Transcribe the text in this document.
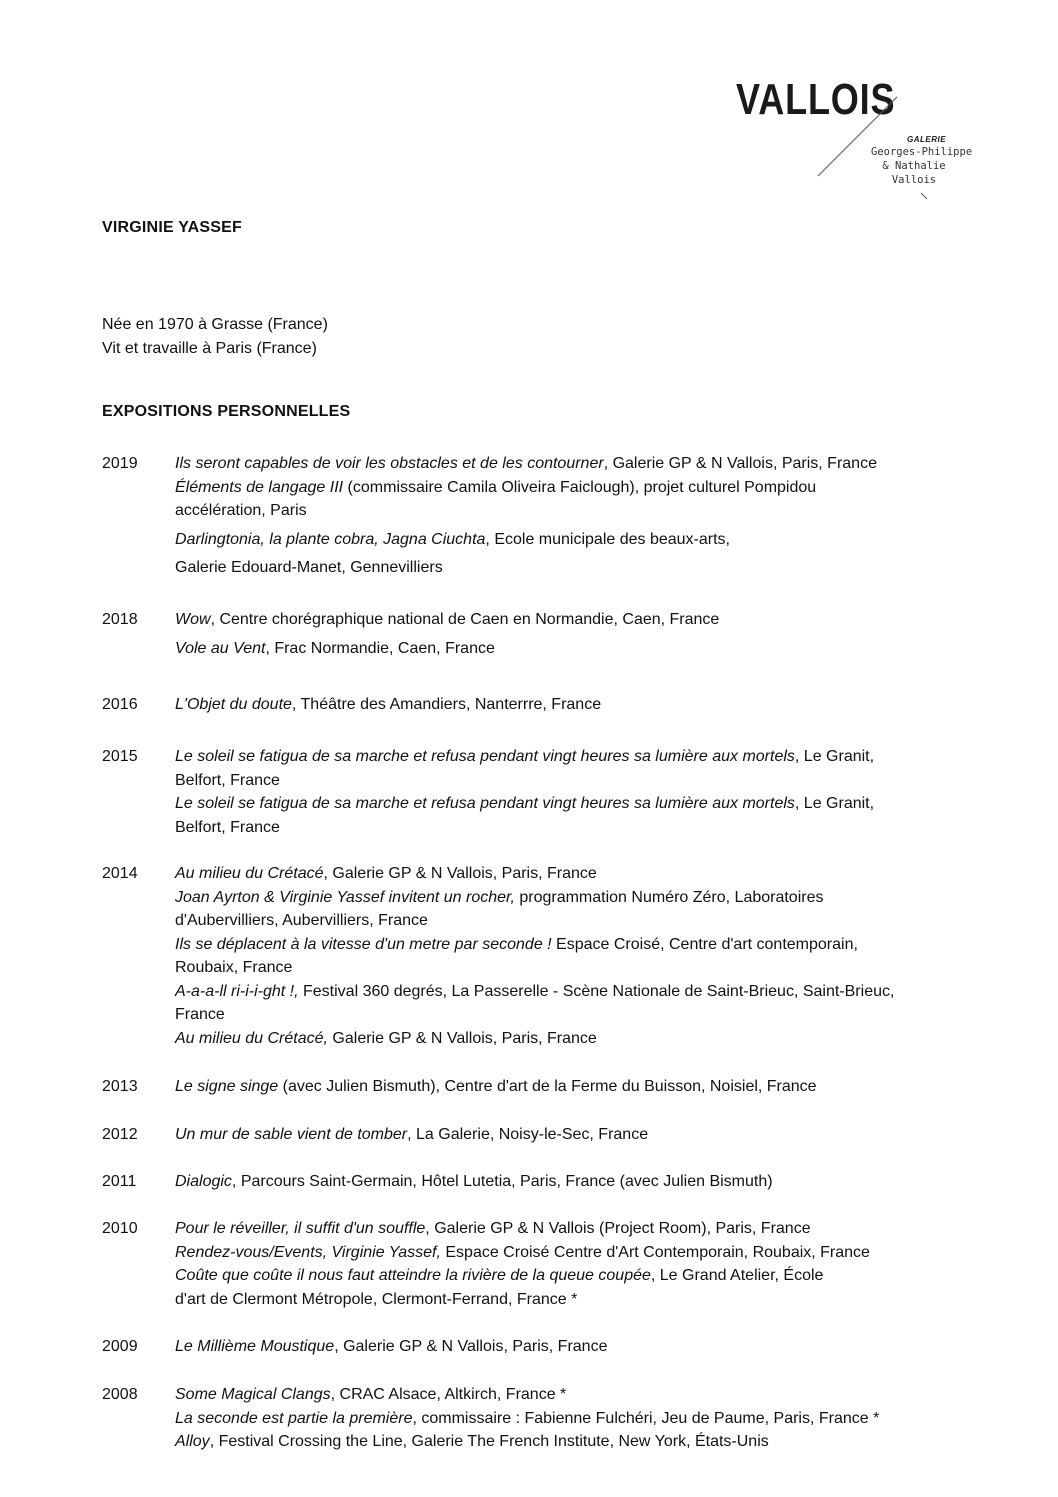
VALLOIS
GALERIE
Georges-Philippe
& Nathalie
Vallois
VIRGINIE YASSEF
Née en 1970 à Grasse (France)
Vit et travaille à Paris (France)
EXPOSITIONS PERSONNELLES
2019 Ils seront capables de voir les obstacles et de les contourner, Galerie GP & N Vallois, Paris, France
Éléments de langage III (commissaire Camila Oliveira Faiclough), projet culturel Pompidou
accélération, Paris
Darlingtonia, la plante cobra, Jagna Ciuchta, Ecole municipale des beaux-arts,
Galerie Edouard-Manet, Gennevilliers
2018 Wow, Centre chorégraphique national de Caen en Normandie, Caen, France
Vole au Vent, Frac Normandie, Caen, France
2016 L'Objet du doute, Théâtre des Amandiers, Nanterrre, France
2015 Le soleil se fatigua de sa marche et refusa pendant vingt heures sa lumière aux mortels, Le Granit,
Belfort, France
Le soleil se fatigua de sa marche et refusa pendant vingt heures sa lumière aux mortels, Le Granit,
Belfort, France
2014 Au milieu du Crétacé, Galerie GP & N Vallois, Paris, France
Joan Ayrton & Virginie Yassef invitent un rocher, programmation Numéro Zéro, Laboratoires
d'Aubervilliers, Aubervilliers, France
Ils se déplacent à la vitesse d'un metre par seconde ! Espace Croisé, Centre d'art contemporain,
Roubaix, France
A-a-a-ll ri-i-i-ght !, Festival 360 degrés, La Passerelle - Scène Nationale de Saint-Brieuc, Saint-Brieuc,
France
Au milieu du Crétacé, Galerie GP & N Vallois, Paris, France
2013 Le signe singe (avec Julien Bismuth), Centre d'art de la Ferme du Buisson, Noisiel, France
2012 Un mur de sable vient de tomber, La Galerie, Noisy-le-Sec, France
2011 Dialogic, Parcours Saint-Germain, Hôtel Lutetia, Paris, France (avec Julien Bismuth)
2010 Pour le réveiller, il suffit d'un souffle, Galerie GP & N Vallois (Project Room), Paris, France
Rendez-vous/Events, Virginie Yassef, Espace Croisé Centre d'Art Contemporain, Roubaix, France
Coûte que coûte il nous faut atteindre la rivière de la queue coupée, Le Grand Atelier, École
d'art de Clermont Métropole, Clermont-Ferrand, France *
2009 Le Millième Moustique, Galerie GP & N Vallois, Paris, France
2008 Some Magical Clangs, CRAC Alsace, Altkirch, France *
La seconde est partie la première, commissaire : Fabienne Fulchéri, Jeu de Paume, Paris, France *
Alloy, Festival Crossing the Line, Galerie The French Institute, New York, États-Unis
